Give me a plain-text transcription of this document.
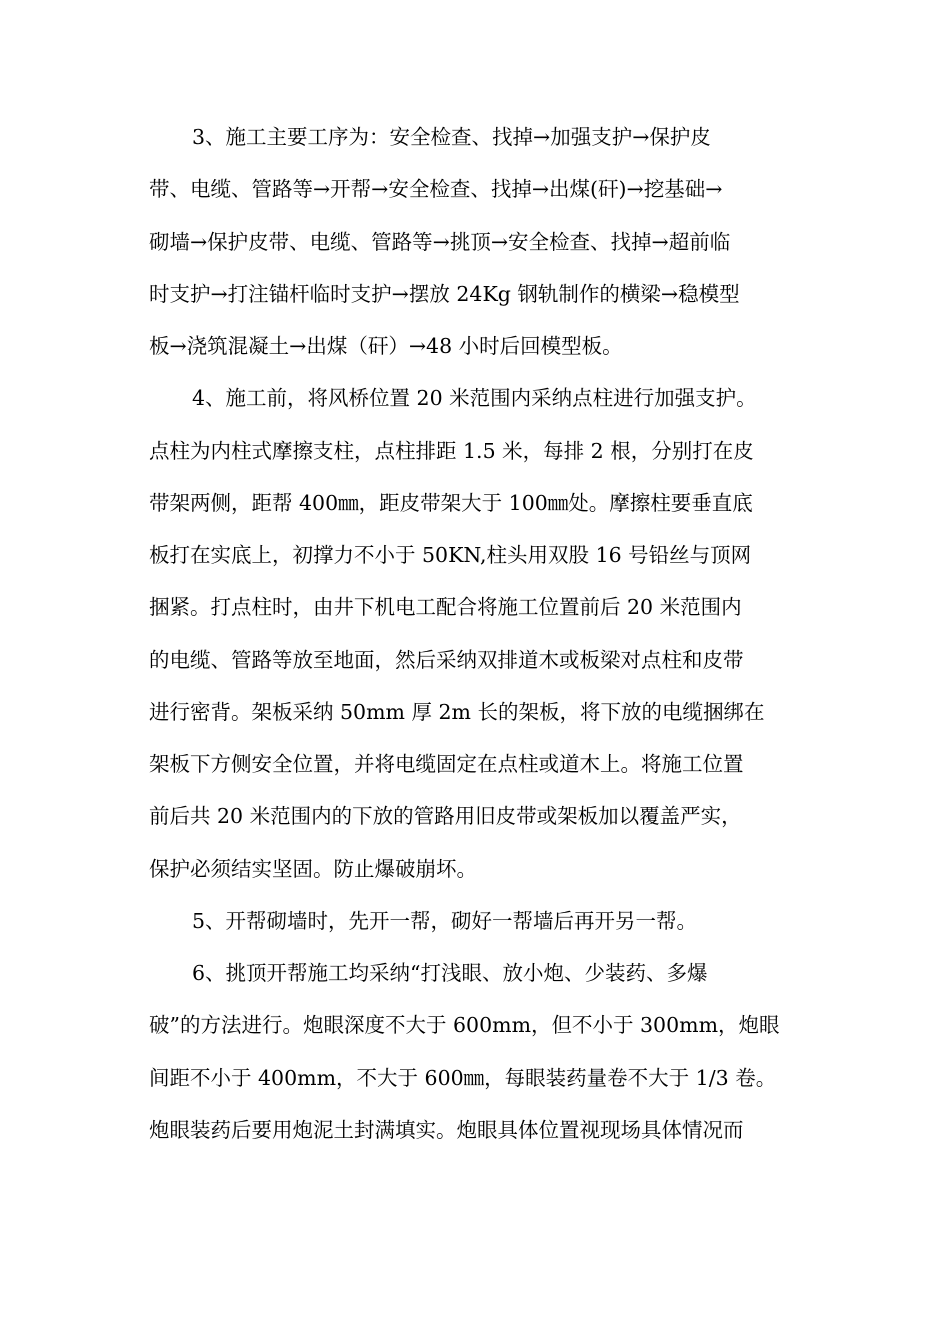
3、施工主要工序为：安全检查、找掉→加强支护→保护皮
带、电缆、管路等→开帮→安全检查、找掉→出煤(矸)→挖基础→
砌墙→保护皮带、电缆、管路等→挑顶→安全检查、找掉→超前临
时支护→打注锚杆临时支护→摆放 24Kg 钢轨制作的横梁→稳模型
板→浇筑混凝土→出煤（矸）→48 小时后回模型板。
4、施工前，将风桥位置 20 米范围内采纳点柱进行加强支护。
点柱为内柱式摩擦支柱，点柱排距 1.5 米，每排 2 根，分别打在皮
带架两侧，距帮 400㎜，距皮带架大于 100㎜处。摩擦柱要垂直底
板打在实底上，初撑力不小于 50KN,柱头用双股 16 号铅丝与顶网
捆紧。打点柱时，由井下机电工配合将施工位置前后 20 米范围内
的电缆、管路等放至地面，然后采纳双排道木或板梁对点柱和皮带
进行密背。架板采纳 50mm 厚 2m 长的架板，将下放的电缆捆绑在
架板下方侧安全位置，并将电缆固定在点柱或道木上。将施工位置
前后共 20 米范围内的下放的管路用旧皮带或架板加以覆盖严实，
保护必须结实坚固。防止爆破崩坏。
5、开帮砌墙时，先开一帮，砌好一帮墙后再开另一帮。
6、挑顶开帮施工均采纳“打浅眼、放小炮、少装药、多爆
破”的方法进行。炮眼深度不大于 600mm，但不小于 300mm，炮眼
间距不小于 400mm，不大于 600㎜，每眼装药量卷不大于 1/3 卷。
炮眼装药后要用炮泥土封满填实。炮眼具体位置视现场具体情况而
